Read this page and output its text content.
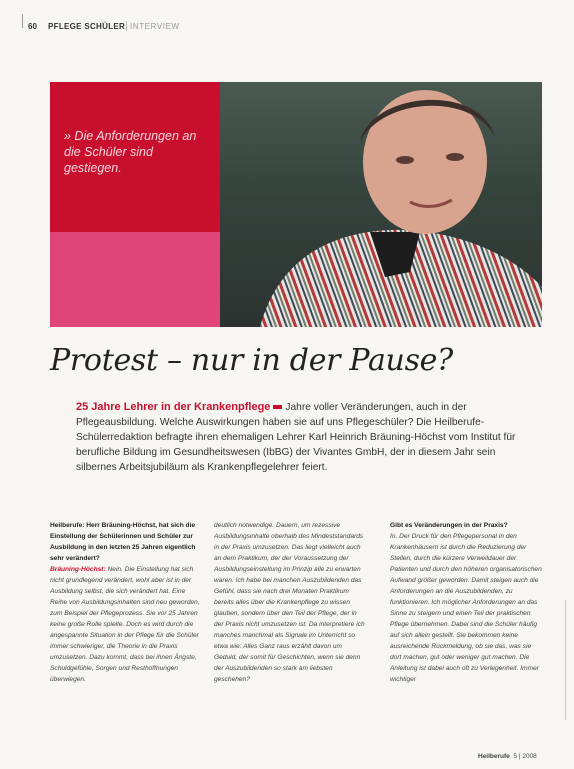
60 PFLEGE SCHÜLER INTERVIEW
» Die Anforderungen an die Schüler sind gestiegen.
Protest – nur in der Pause?
25 Jahre Lehrer in der Krankenpflege Jahre voller Veränderungen, auch in der Pflegeausbildung. Welche Auswirkungen haben sie auf uns Pflegeschüler? Die Heilberufe-Schülerredaktion befragte ihren ehemaligen Lehrer Karl Heinrich Bräuning-Höchst vom Institut für berufliche Bildung im Gesundheitswesen (IbBG) der Vivantes GmbH, der in diesem Jahr sein silbernes Arbeitsjubiläum als Krankenpflegelehrer feiert.
Heilberufe: Herr Bräuning-Höchst, hat sich die Einstellung der Schülerinnen und Schüler zur Ausbildung in den letzten 25 Jahren eigentlich sehr verändert?
Bräuning-Höchst: Nein. Die Einstellung hat sich nicht grundlegend verändert, wohl aber ist in der Ausbildung selbst, die sich verändert hat. Eine Reihe von Ausbildungsinhalten sind neu geworden, zum Beispiel der Pflegeprozess. Sie vor 25 Jahren keine große Rolle spielte. Doch es wird durch die angespannte Situation in der Pflege für die Schüler immer schwieriger, die Theorie in die Praxis umzusetzen. Dazu kommt, dass bei ihnen Ängste, Schuldgefühle, Sorgen und Resthoffnungen überwiegen.
deutlich notwendige. Dauern, um rezessive Ausbildungsinhalte oberhalb des Mindeststandards in der Praxis umzusetzen. Das liegt vielleicht auch an dem Praktikum, der der Voraussetzung der Ausbildungseinstellung im Prinzip alle zu erwarten waren. Ich habe bei manchen Auszubildenden das Gefühl, dass sie nach drei Monaten Praktikum bereits alles über die Krankenpflege zu wissen glauben, sondern über den Teil der Pflege, der in der Praxis nicht umzusetzen ist. Da interpretiere ich manches manchmal als Signale im Unterricht so etwa wie: Alles Ganz raus erzählt davon um Geduld, der somit für Geschichten, wenn sie denn der Auszubildenden so stark am liebsten geschehen?
Gibt es Veränderungen in der Praxis?
In. Der Druck für den Pflegepersonal in den Krankenhäusern ist durch die Reduzierung der Stellen, durch die kürzere Verweildauer der Patienten und durch den höheren organisatorischen Aufwand größer geworden. Damit steigen auch die Anforderungen an die Auszubildenden, zu funktionieren. Ich möglicher Anforderungen an das Sinne zu steigern und einen Teil der praktischen Pflege übernehmen. Dabei sind die Schüler häufig auf sich allein gestellt. Sie bekommen keine ausreichende Rückmeldung, ob sie das, was sie dort machen, gut oder weniger gut machen. Die Anleitung ist dabei auch oft zu Verlegenheit. Immer wichtiger
Heilberufe 5 | 2008
